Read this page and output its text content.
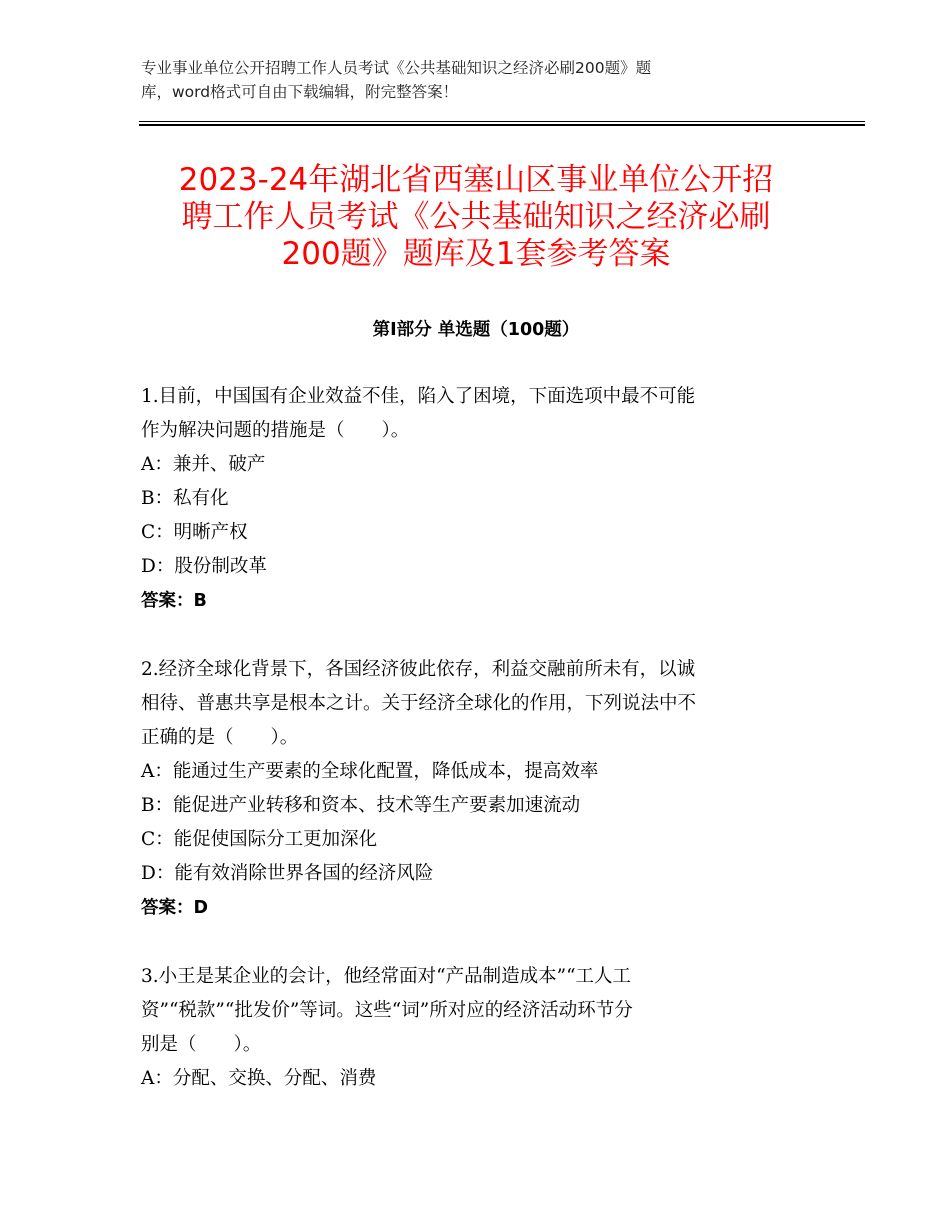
专业事业单位公开招聘工作人员考试《公共基础知识之经济必刷200题》题
库，word格式可自由下载编辑，附完整答案！
2023-24年湖北省西塞山区事业单位公开招
聘工作人员考试《公共基础知识之经济必刷
200题》题库及1套参考答案
第I部分 单选题（100题）
1.目前，中国国有企业效益不佳，陷入了困境，下面选项中最不可能
作为解决问题的措施是（　　）。
A：兼并、破产
B：私有化
C：明晰产权
D：股份制改革
答案：B
2.经济全球化背景下，各国经济彼此依存，利益交融前所未有，以诚
相待、普惠共享是根本之计。关于经济全球化的作用，下列说法中不
正确的是（　　）。
A：能通过生产要素的全球化配置，降低成本，提高效率
B：能促进产业转移和资本、技术等生产要素加速流动
C：能促使国际分工更加深化
D：能有效消除世界各国的经济风险
答案：D
3.小王是某企业的会计，他经常面对“产品制造成本”“工人工
资”“税款”“批发价”等词。这些“词”所对应的经济活动环节分
别是（　　）。
A：分配、交换、分配、消费
